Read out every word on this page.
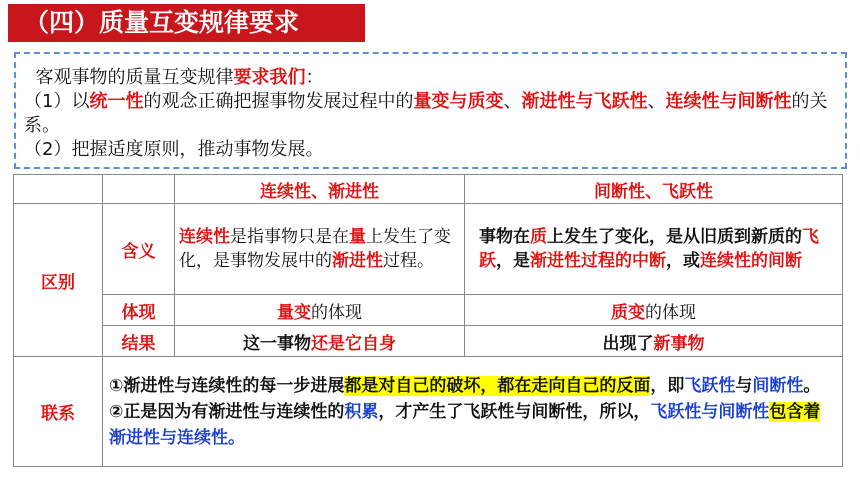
（四）质量互变规律要求

客观事物的质量互变规律要求我们：

（1）以统一性的观念正确把握事物发展过程中的量变与质变、渐进性与飞跃性、连续性与间断性的关系。

（2）把握适度原则，推动事物发展。

		连续性、渐进性	间断性、飞跃性
区别	含义	连续性是指事物只是在量上发生了变化，是事物发展中的渐进性过程。	事物在质上发生了变化，是从旧质到新质的飞跃，是渐进性过程的中断，或连续性的间断

	体现	量变的体现	质变的体现
	结果	这一事物还是它自身	出现了新事物
联系	①渐进性与连续性的每一步进展都是对自己的破坏，都在走向自己的反面，即飞跃性与间断性。
②正是因为有渐进性与连续性的积累，才产生了飞跃性与间断性，所以，飞跃性与间断性包含着渐进性与连续性。		
